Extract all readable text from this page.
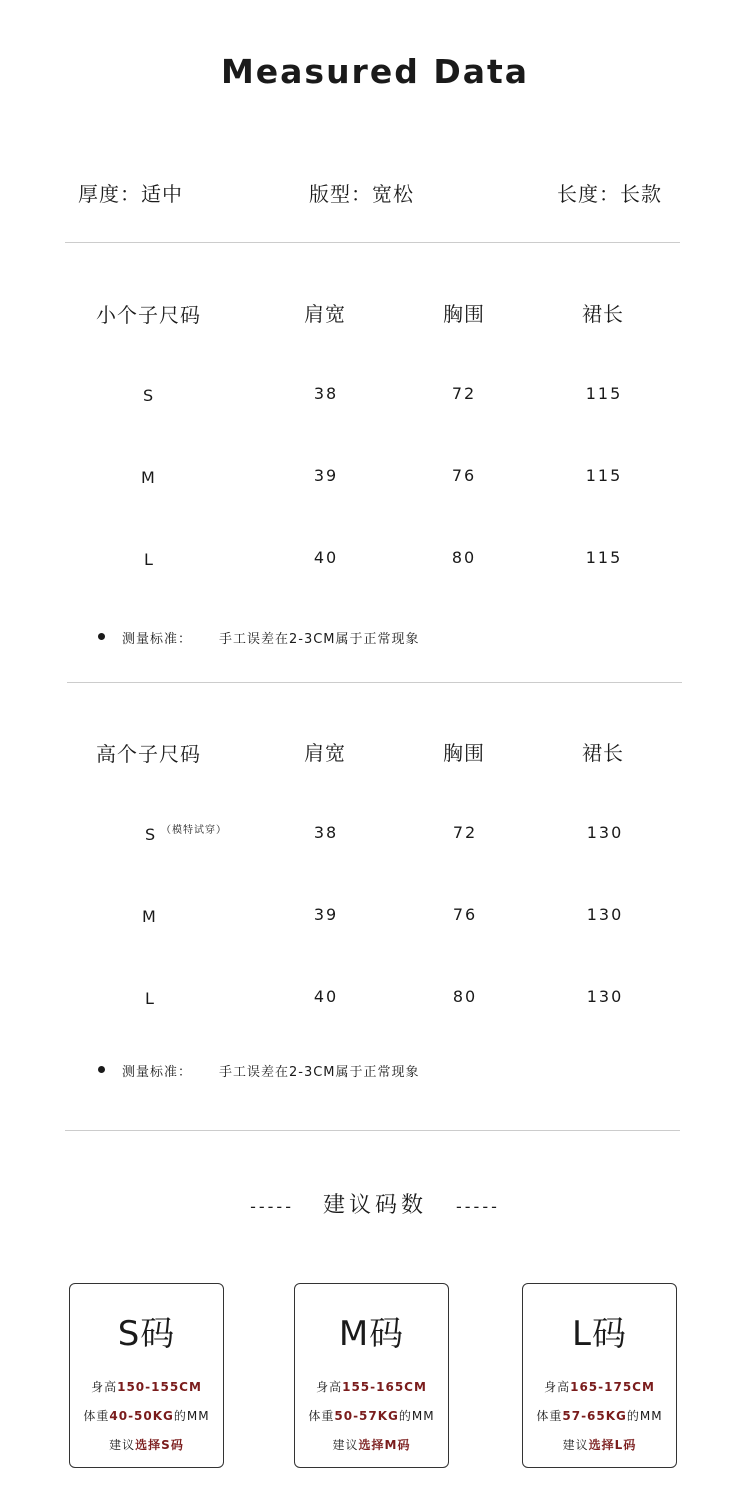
Measured Data
厚度：适中	版型：宽松	长度：长款
小个子尺码	肩宽	胸围	裙长
S	38	72	115
M	39	76	115
L	40	80	115
测量标准： 手工误差在2-3CM属于正常现象
高个子尺码	肩宽	胸围	裙长
S （模特试穿）	38	72	130
M	39	76	130
L	40	80	130
测量标准： 手工误差在2-3CM属于正常现象
----- 建议码数 -----
S码
身高150-155CM
体重40-50KG的MM
建议选择S码
M码
身高155-165CM
体重50-57KG的MM
建议选择M码
L码
身高165-175CM
体重57-65KG的MM
建议选择L码
